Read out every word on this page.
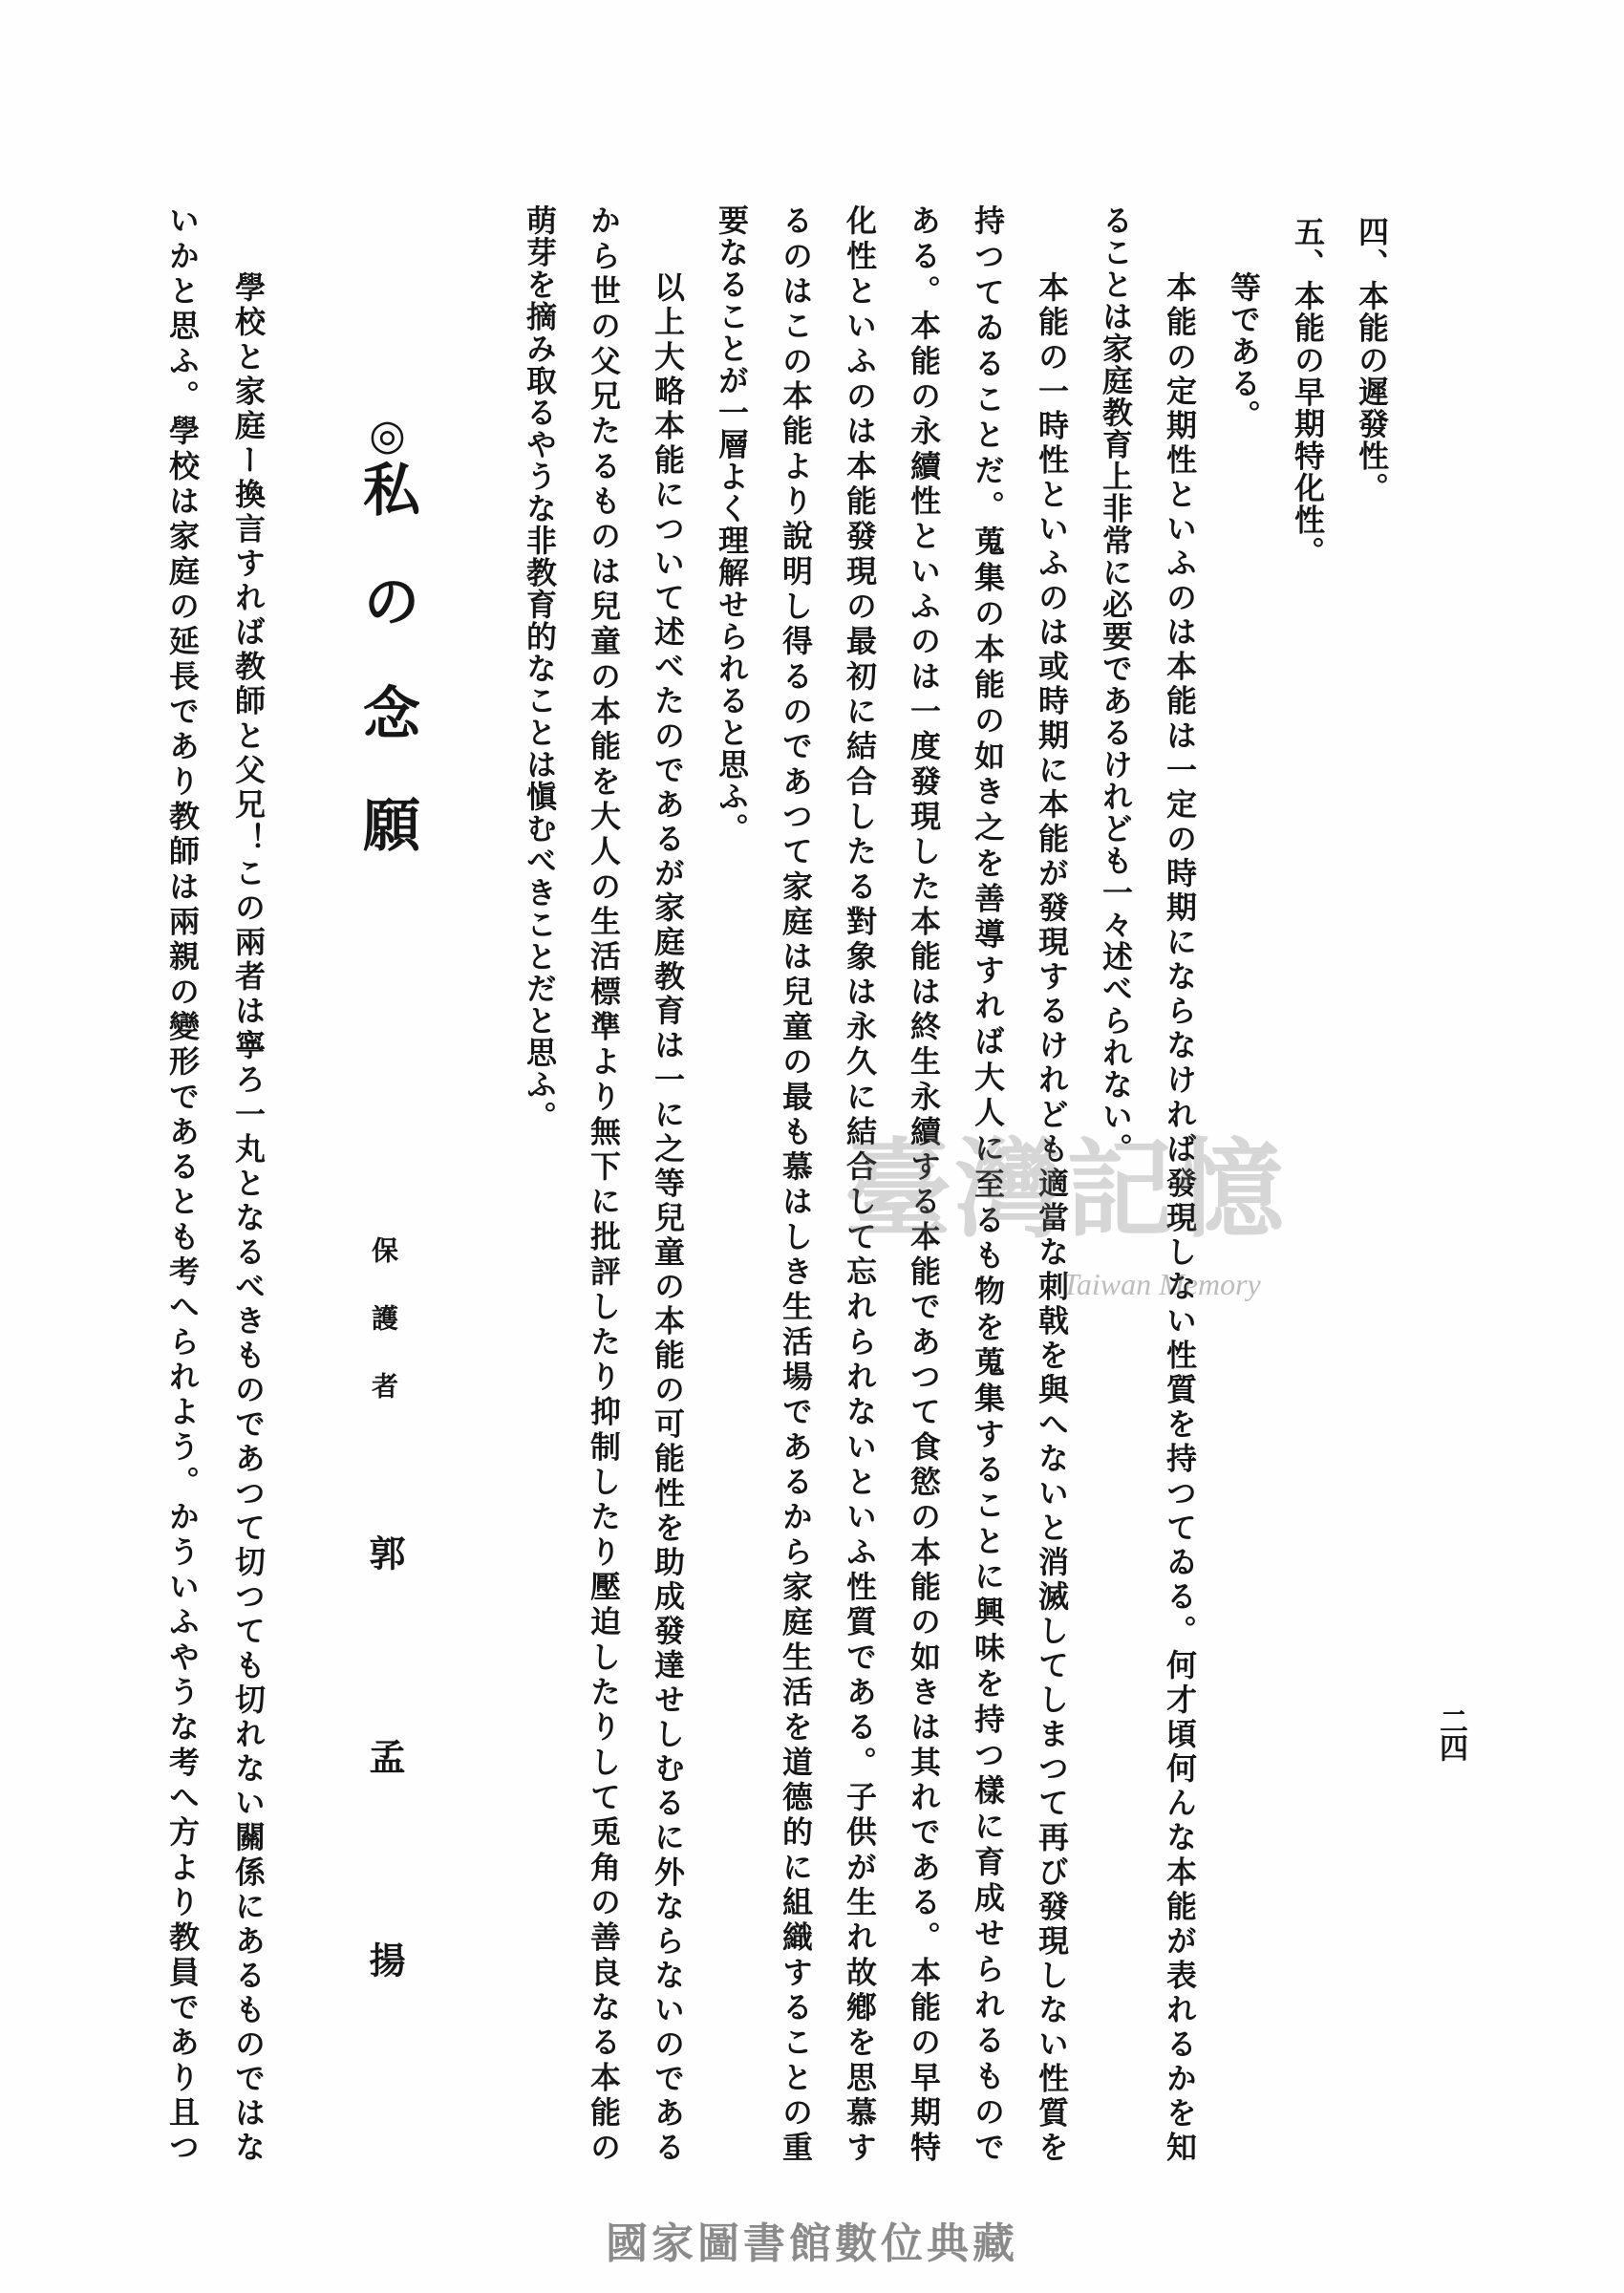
二四
四、本能の遲發性。
五、本能の早期特化性。
等である。
本能の定期性といふのは本能は一定の時期にならなければ發現しない性質を持つてゐる。何才頃何んな本能が表れるかを知
ることは家庭教育上非常に必要であるけれども一々述べられない。
本能の一時性といふのは或時期に本能が發現するけれども適當な刺戟を與へないと消滅してしまつて再び發現しない性質を
持つてゐることだ。蒐集の本能の如き之を善導すれば大人に至るも物を蒐集することに興味を持つ樣に育成せられるもので
ある。本能の永續性といふのは一度發現した本能は終生永續する本能であつて食慾の本能の如きは其れである。本能の早期特
化性といふのは本能發現の最初に結合したる對象は永久に結合して忘れられないといふ性質である。子供が生れ故鄕を思慕す
るのはこの本能より說明し得るのであつて家庭は兒童の最も慕はしき生活場であるから家庭生活を道德的に組織することの重
要なることが一層よく理解せられると思ふ。
以上大略本能について述べたのであるが家庭教育は一に之等兒童の本能の可能性を助成發達せしむるに外ならないのである
から世の父兄たるものは兒童の本能を大人の生活標準より無下に批評したり抑制したり壓迫したりして兎角の善良なる本能の
萌芽を摘み取るやうな非教育的なことは愼むべきことだと思ふ。
◎私の念願
保護者
郭孟揚
學校と家庭ー換言すれば教師と父兄！この兩者は寧ろ一丸となるべきものであつて切つても切れない關係にあるものではな
いかと思ふ。學校は家庭の延長であり教師は兩親の變形であるとも考へられよう。かういふやうな考へ方より教員であり且つ	臺灣記憶
Taiwan Memory
國家圖書館數位典藏
